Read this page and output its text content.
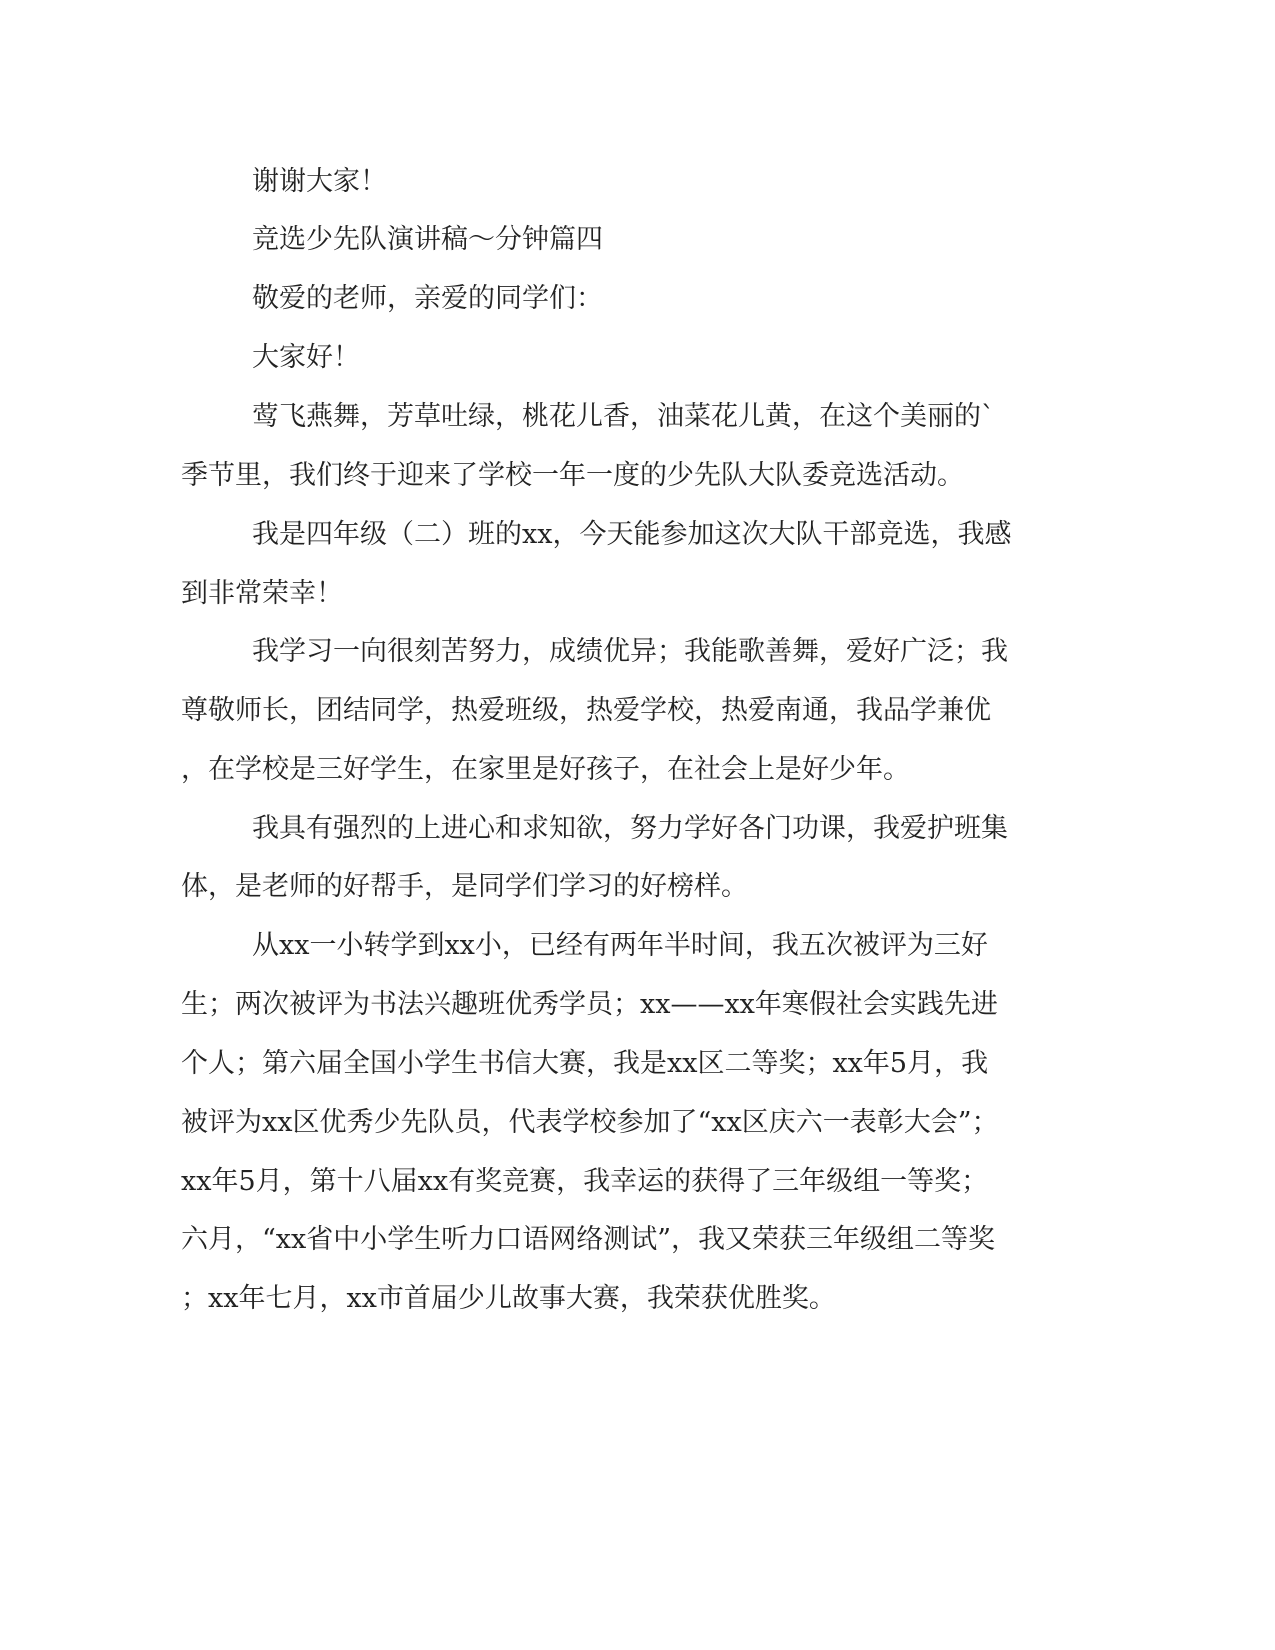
谢谢大家！
竞选少先队演讲稿～分钟篇四
敬爱的老师，亲爱的同学们：
大家好！
莺飞燕舞，芳草吐绿，桃花儿香，油菜花儿黄，在这个美丽的`
季节里，我们终于迎来了学校一年一度的少先队大队委竞选活动。
我是四年级（二）班的xx，今天能参加这次大队干部竞选，我感
到非常荣幸！
我学习一向很刻苦努力，成绩优异；我能歌善舞，爱好广泛；我
尊敬师长，团结同学，热爱班级，热爱学校，热爱南通，我品学兼优
，在学校是三好学生，在家里是好孩子，在社会上是好少年。
我具有强烈的上进心和求知欲，努力学好各门功课，我爱护班集
体，是老师的好帮手，是同学们学习的好榜样。
从xx一小转学到xx小，已经有两年半时间，我五次被评为三好
生；两次被评为书法兴趣班优秀学员；xx——xx年寒假社会实践先进
个人；第六届全国小学生书信大赛，我是xx区二等奖；xx年5月，我
被评为xx区优秀少先队员，代表学校参加了“xx区庆六一表彰大会”；
xx年5月，第十八届xx有奖竞赛，我幸运的获得了三年级组一等奖；
六月，“xx省中小学生听力口语网络测试”，我又荣获三年级组二等奖
；xx年七月，xx市首届少儿故事大赛，我荣获优胜奖。
